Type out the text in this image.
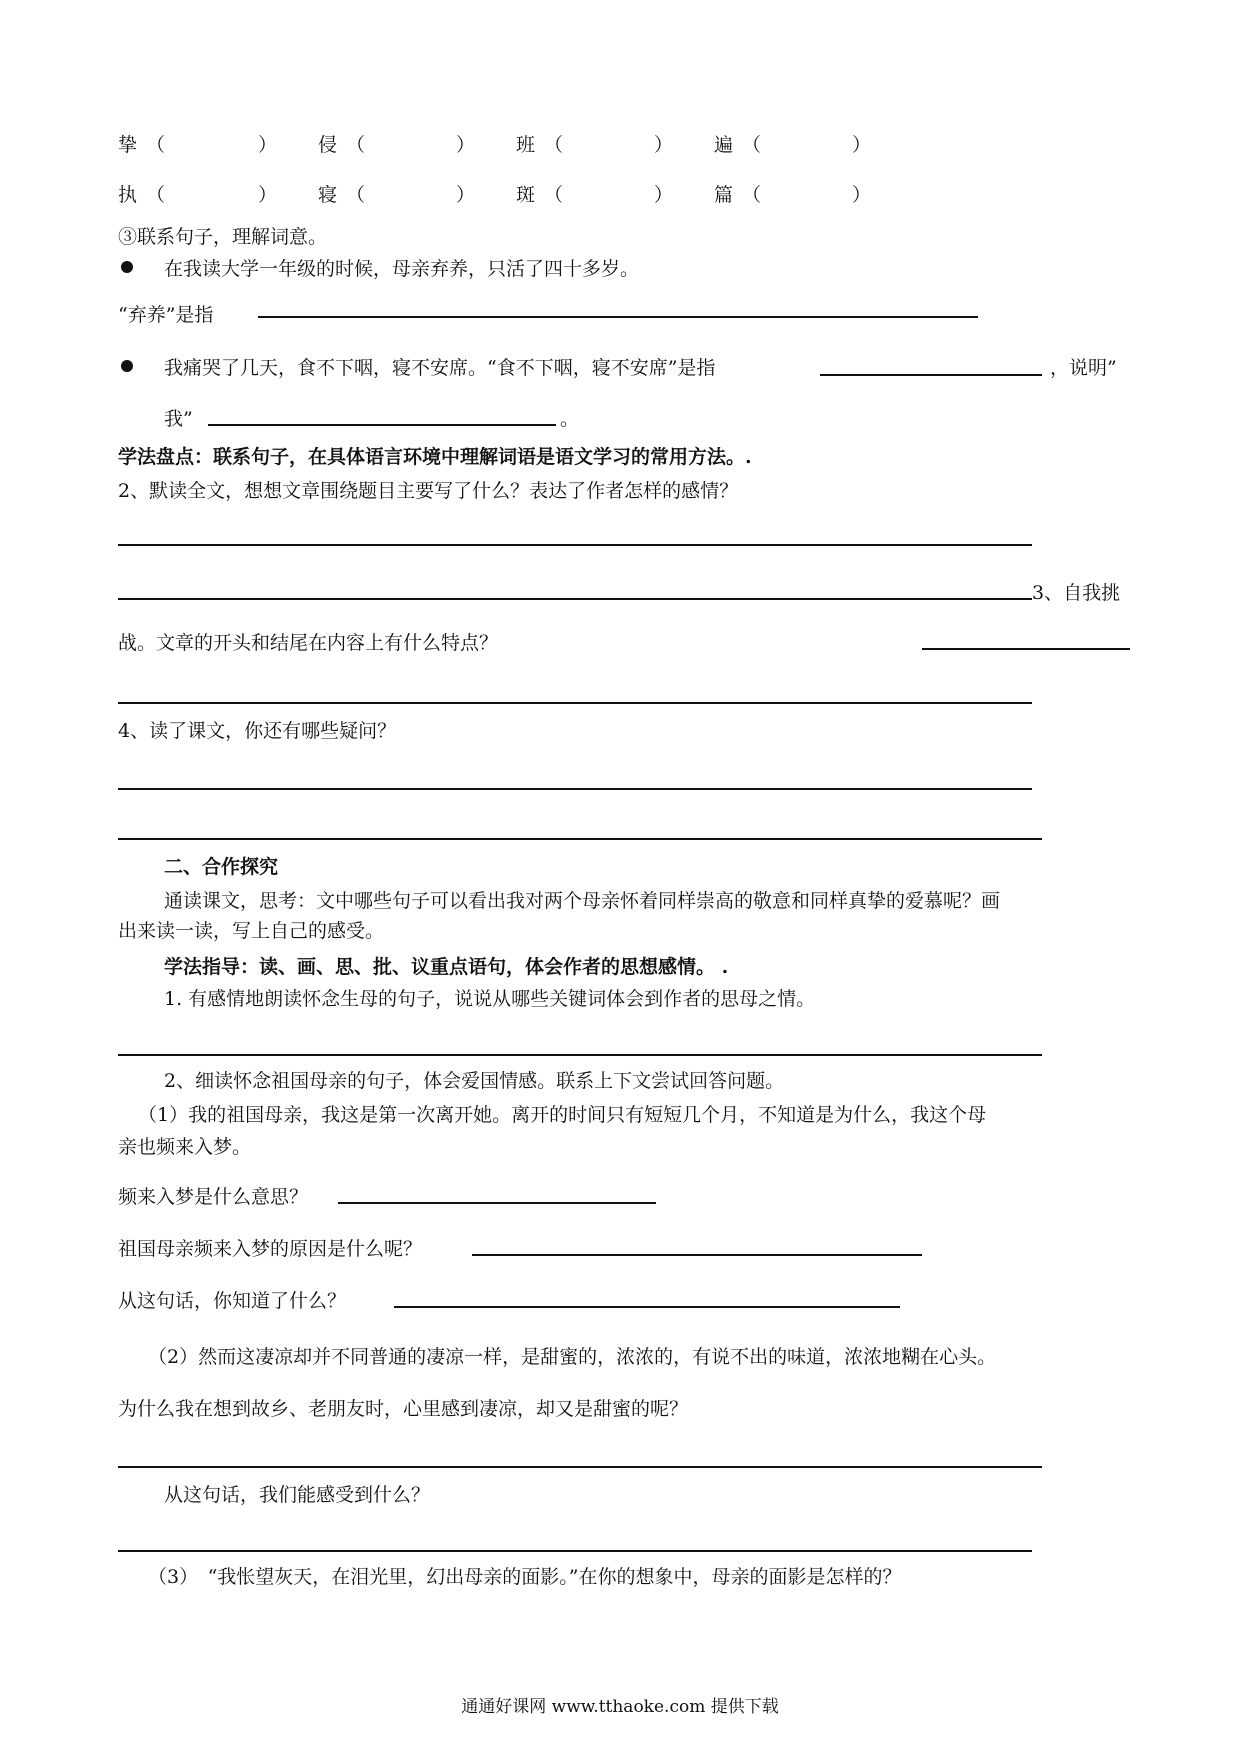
挚 （	） 侵 （	） 班 （	） 遍 （	）
执 （	） 寝 （	） 斑 （	） 篇 （	）
③联系句子，理解词意。
在我读大学一年级的时候，母亲弃养，只活了四十多岁。
“弃养”是指
我痛哭了几天，食不下咽，寝不安席。“食不下咽，寝不安席”是指	，说明”
我”	。
学法盘点：联系句子，在具体语言环境中理解词语是语文学习的常用方法。.
2、默读全文，想想文章围绕题目主要写了什么？表达了作者怎样的感情？
3、自我挑
战。文章的开头和结尾在内容上有什么特点？
4、读了课文，你还有哪些疑问？
二、合作探究
通读课文，思考：文中哪些句子可以看出我对两个母亲怀着同样崇高的敬意和同样真挚的爱慕呢？画
出来读一读，写上自己的感受。
学法指导：读、画、思、批、议重点语句，体会作者的思想感情。 .
1. 有感情地朗读怀念生母的句子，说说从哪些关键词体会到作者的思母之情。
2、细读怀念祖国母亲的句子，体会爱国情感。联系上下文尝试回答问题。
（1）我的祖国母亲，我这是第一次离开她。离开的时间只有短短几个月，不知道是为什么，我这个母
亲也频来入梦。
频来入梦是什么意思？
祖国母亲频来入梦的原因是什么呢？
从这句话，你知道了什么？
（2）然而这凄凉却并不同普通的凄凉一样，是甜蜜的，浓浓的，有说不出的味道，浓浓地糊在心头。
为什么我在想到故乡、老朋友时，心里感到凄凉，却又是甜蜜的呢？
从这句话，我们能感受到什么？
（3）　“我怅望灰天，在泪光里，幻出母亲的面影。”在你的想象中，母亲的面影是怎样的？
通通好课网 www.tthaoke.com 提供下载
